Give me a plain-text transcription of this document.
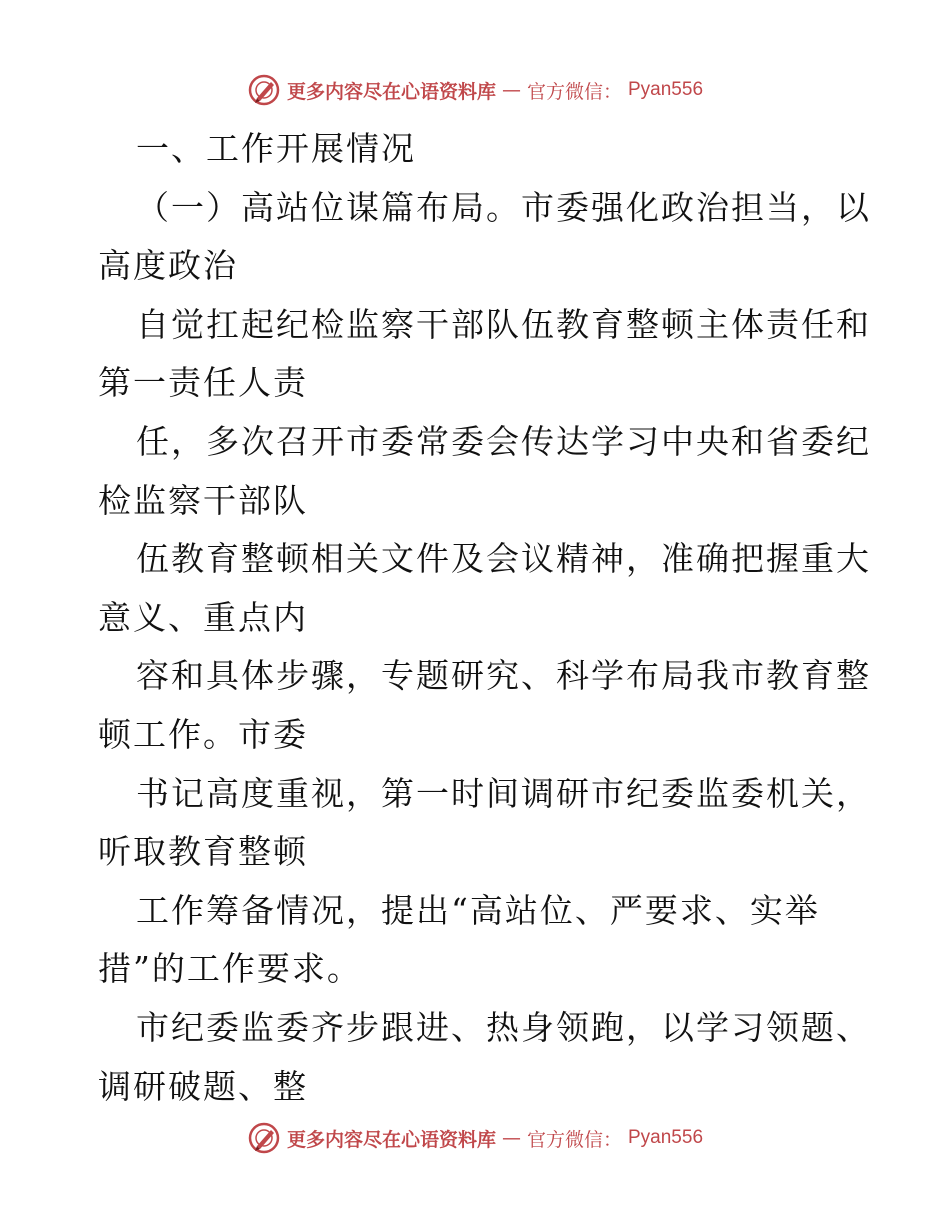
更多内容尽在心语资料库 — 官方微信： Pyan556
一、工作开展情况
（一）高站位谋篇布局。市委强化政治担当，以
高度政治
自觉扛起纪检监察干部队伍教育整顿主体责任和
第一责任人责
任，多次召开市委常委会传达学习中央和省委纪
检监察干部队
伍教育整顿相关文件及会议精神，准确把握重大
意义、重点内
容和具体步骤，专题研究、科学布局我市教育整
顿工作。市委
书记高度重视，第一时间调研市纪委监委机关，
听取教育整顿
工作筹备情况，提出“高站位、严要求、实举
措”的工作要求。
市纪委监委齐步跟进、热身领跑，以学习领题、
调研破题、整
更多内容尽在心语资料库 — 官方微信： Pyan556
